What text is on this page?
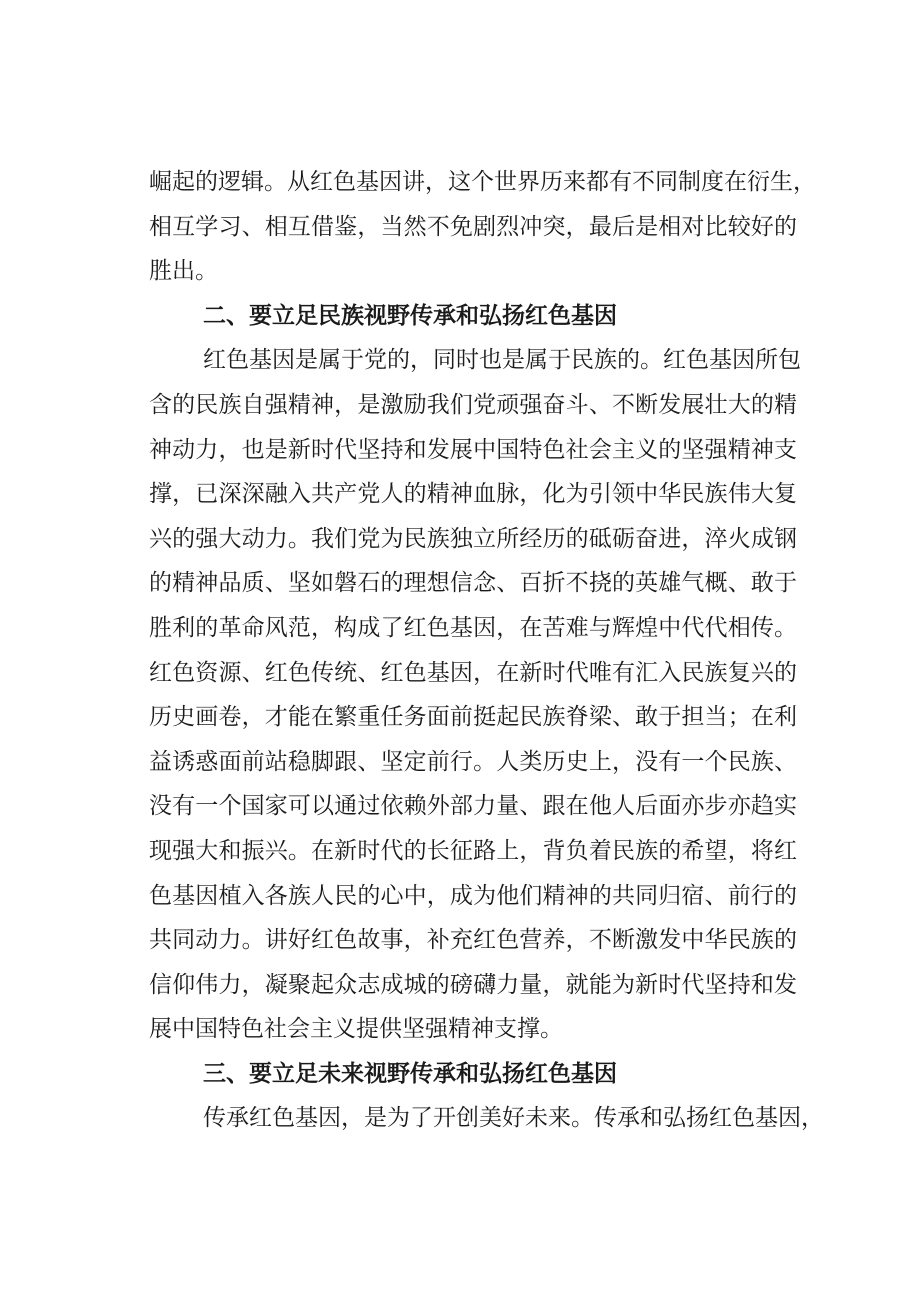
崛起的逻辑。从红色基因讲，这个世界历来都有不同制度在衍生，
相互学习、相互借鉴，当然不免剧烈冲突，最后是相对比较好的
胜出。
二、要立足民族视野传承和弘扬红色基因
红色基因是属于党的，同时也是属于民族的。红色基因所包
含的民族自强精神，是激励我们党顽强奋斗、不断发展壮大的精
神动力，也是新时代坚持和发展中国特色社会主义的坚强精神支
撑，已深深融入共产党人的精神血脉，化为引领中华民族伟大复
兴的强大动力。我们党为民族独立所经历的砥砺奋进，淬火成钢
的精神品质、坚如磐石的理想信念、百折不挠的英雄气概、敢于
胜利的革命风范，构成了红色基因，在苦难与辉煌中代代相传。
红色资源、红色传统、红色基因，在新时代唯有汇入民族复兴的
历史画卷，才能在繁重任务面前挺起民族脊梁、敢于担当；在利
益诱惑面前站稳脚跟、坚定前行。人类历史上，没有一个民族、
没有一个国家可以通过依赖外部力量、跟在他人后面亦步亦趋实
现强大和振兴。在新时代的长征路上，背负着民族的希望，将红
色基因植入各族人民的心中，成为他们精神的共同归宿、前行的
共同动力。讲好红色故事，补充红色营养，不断激发中华民族的
信仰伟力，凝聚起众志成城的磅礴力量，就能为新时代坚持和发
展中国特色社会主义提供坚强精神支撑。
三、要立足未来视野传承和弘扬红色基因
传承红色基因，是为了开创美好未来。传承和弘扬红色基因，
